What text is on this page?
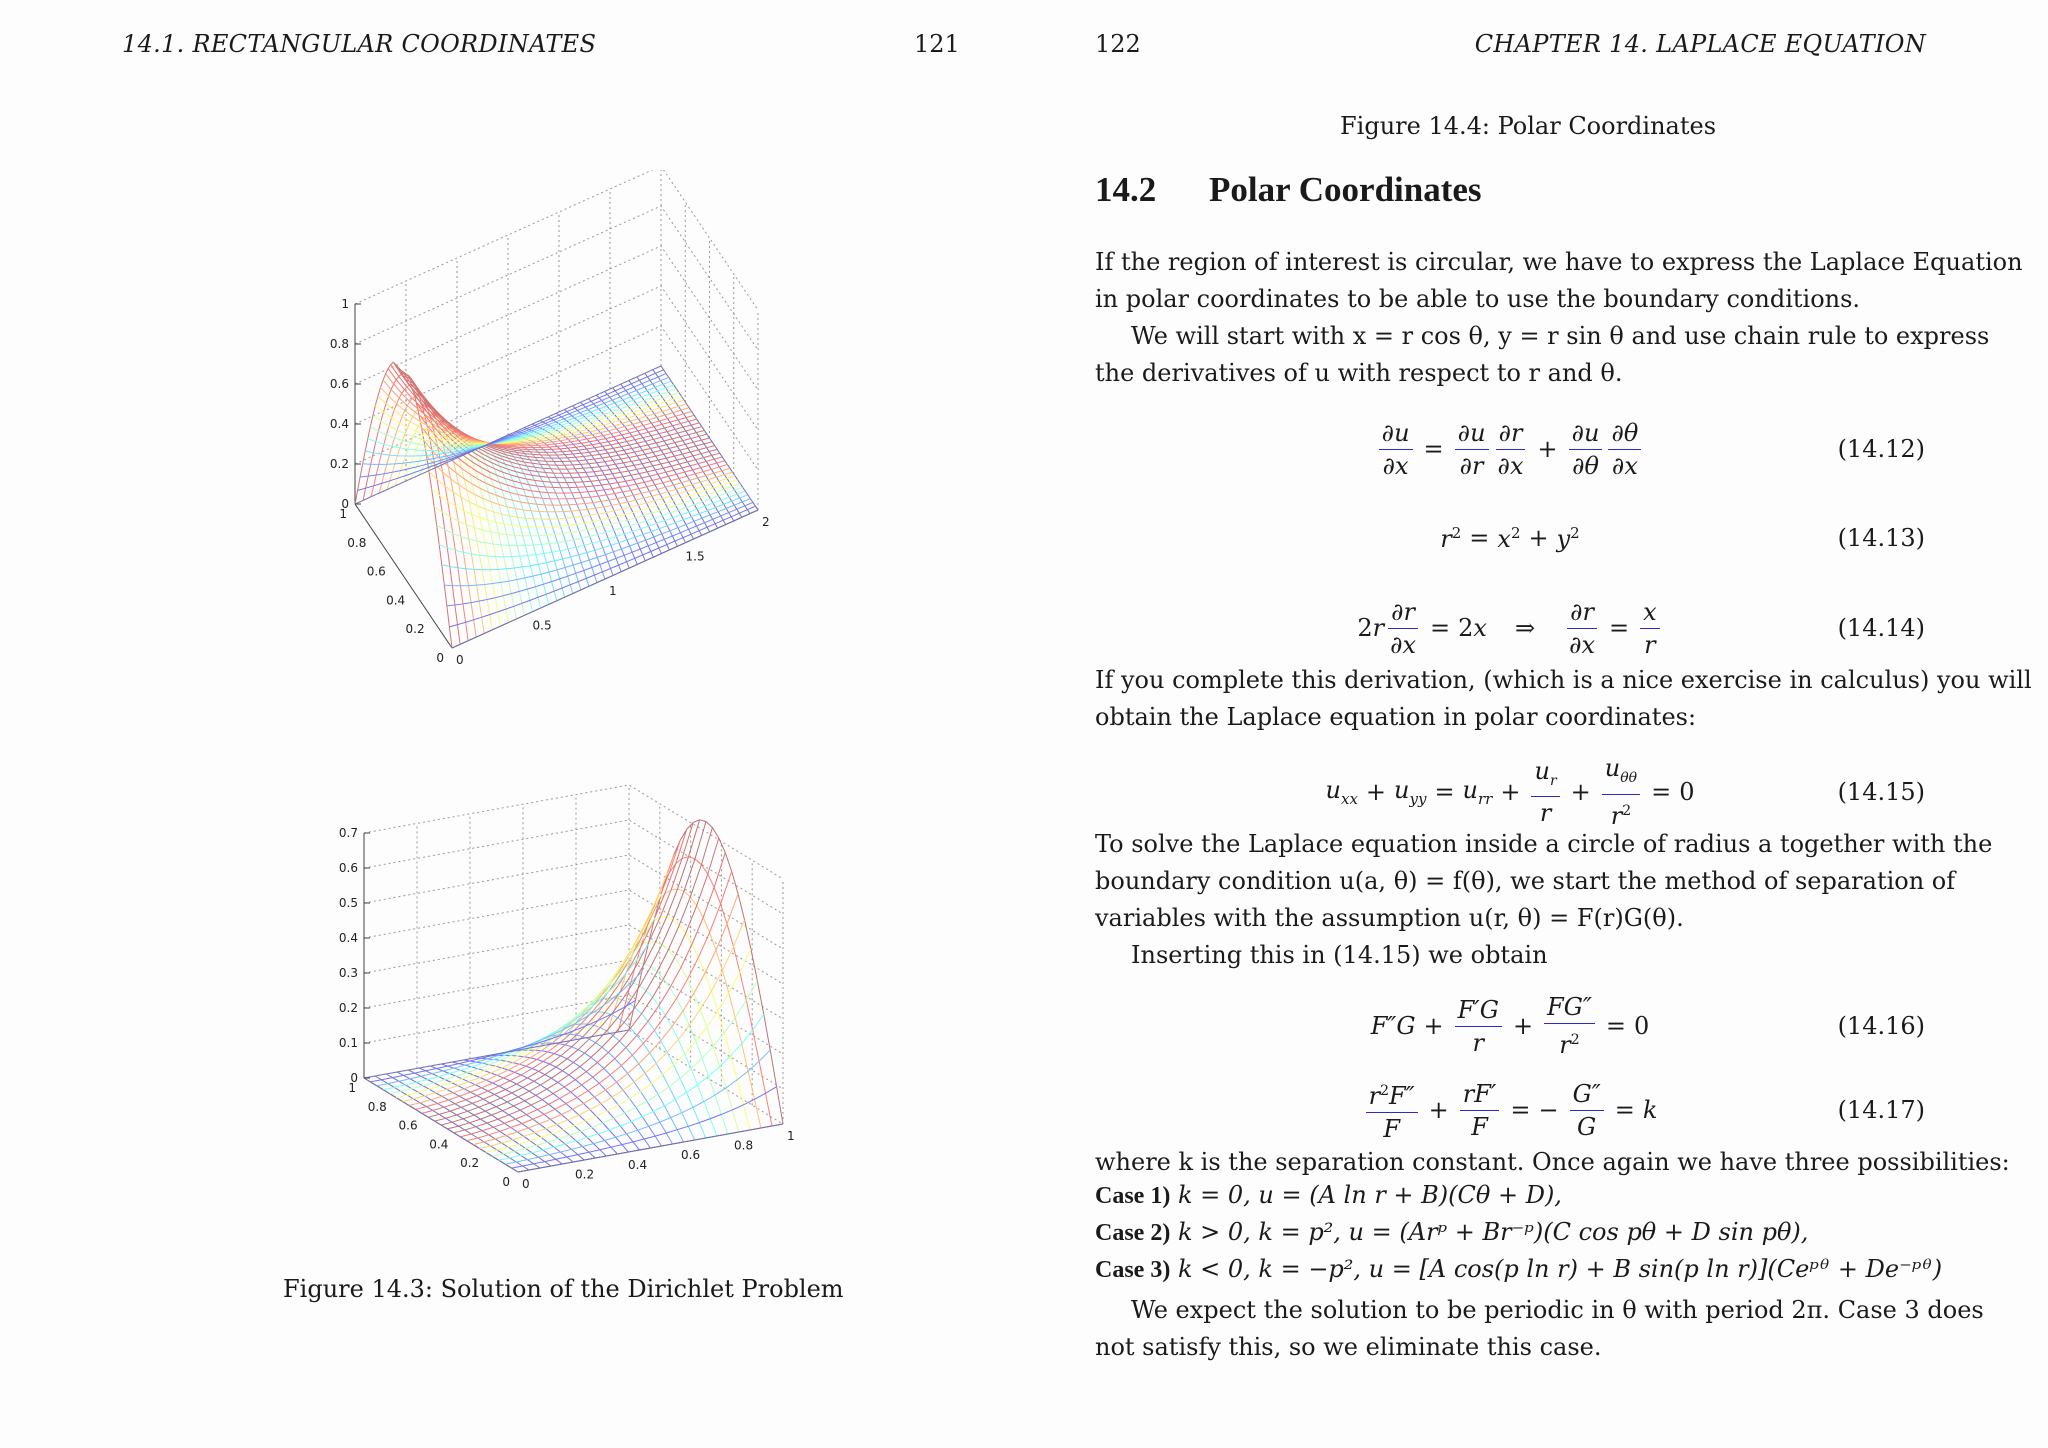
14.1. RECTANGULAR COORDINATES	121
1
0.8
0.6
0.4
0.2
0
1
0.8
0.6
0.4
0.2
0 0
0.5
1
1.5
2
0.7
0.6
0.5
0.4
0.3
0.2
0.1
0
1
0.8
0.6
0.4
0.2
0 0
0.2
0.4
0.6
0.8
1
Figure 14.3: Solution of the Dirichlet Problem
122	CHAPTER 14. LAPLACE EQUATION
Figure 14.4: Polar Coordinates
14.2 Polar Coordinates
If the region of interest is circular, we have to express the Laplace Equation
in polar coordinates to be able to use the boundary conditions.
We will start with x = r cos θ, y = r sin θ and use chain rule to express
the derivatives of u with respect to r and θ.
$\frac{\partial u}{\partial x} = \frac{\partial u}{\partial r} \frac{\partial r}{\partial x} + \frac{\partial u}{\partial\theta} \frac{\partial\theta}{\partial x}$	(14.12)
$r^2 = x^2 + y^2$	(14.13)
2 r $\frac{\partial r}{\partial x} = 2x$ ⇒ $\frac{\partial r}{\partial x} = \frac{x}{r}$	(14.14)
If you complete this derivation, (which is a nice exercise in calculus) you will
obtain the Laplace equation in polar coordinates:
$u_{xx} + u_{yy} = u_{rr} + \frac{u_r}{r} + \frac{u_{\theta\theta}}{r^2} = 0$	(14.15)
To solve the Laplace equation inside a circle of radius a together with the
boundary condition u(a, θ) = f(θ), we start the method of separation of
variables with the assumption u(r, θ) = F(r)G(θ).
Inserting this in (14.15) we obtain
$F''G + \frac{F'G}{r} + \frac{FG''}{r^2} = 0$	(14.16)
$\frac{r^2F''}{F} + \frac{rF'}{F}$ = − $\frac{G''}{G} = k$	(14.17)
where k is the separation constant. Once again we have three possibilities:
Case 1) k = 0, u = (A ln r + B)(Cθ + D),
Case 2) k > 0, k = p², u = (Arᵖ + Br⁻ᵖ)(C cos pθ + D sin pθ),
Case 3) k < 0, k = −p², u = [A cos(p ln r) + B sin(p ln r)](Ceᵖᶿ + De⁻ᵖᶿ)
We expect the solution to be periodic in θ with period 2π. Case 3 does
not satisfy this, so we eliminate this case.
